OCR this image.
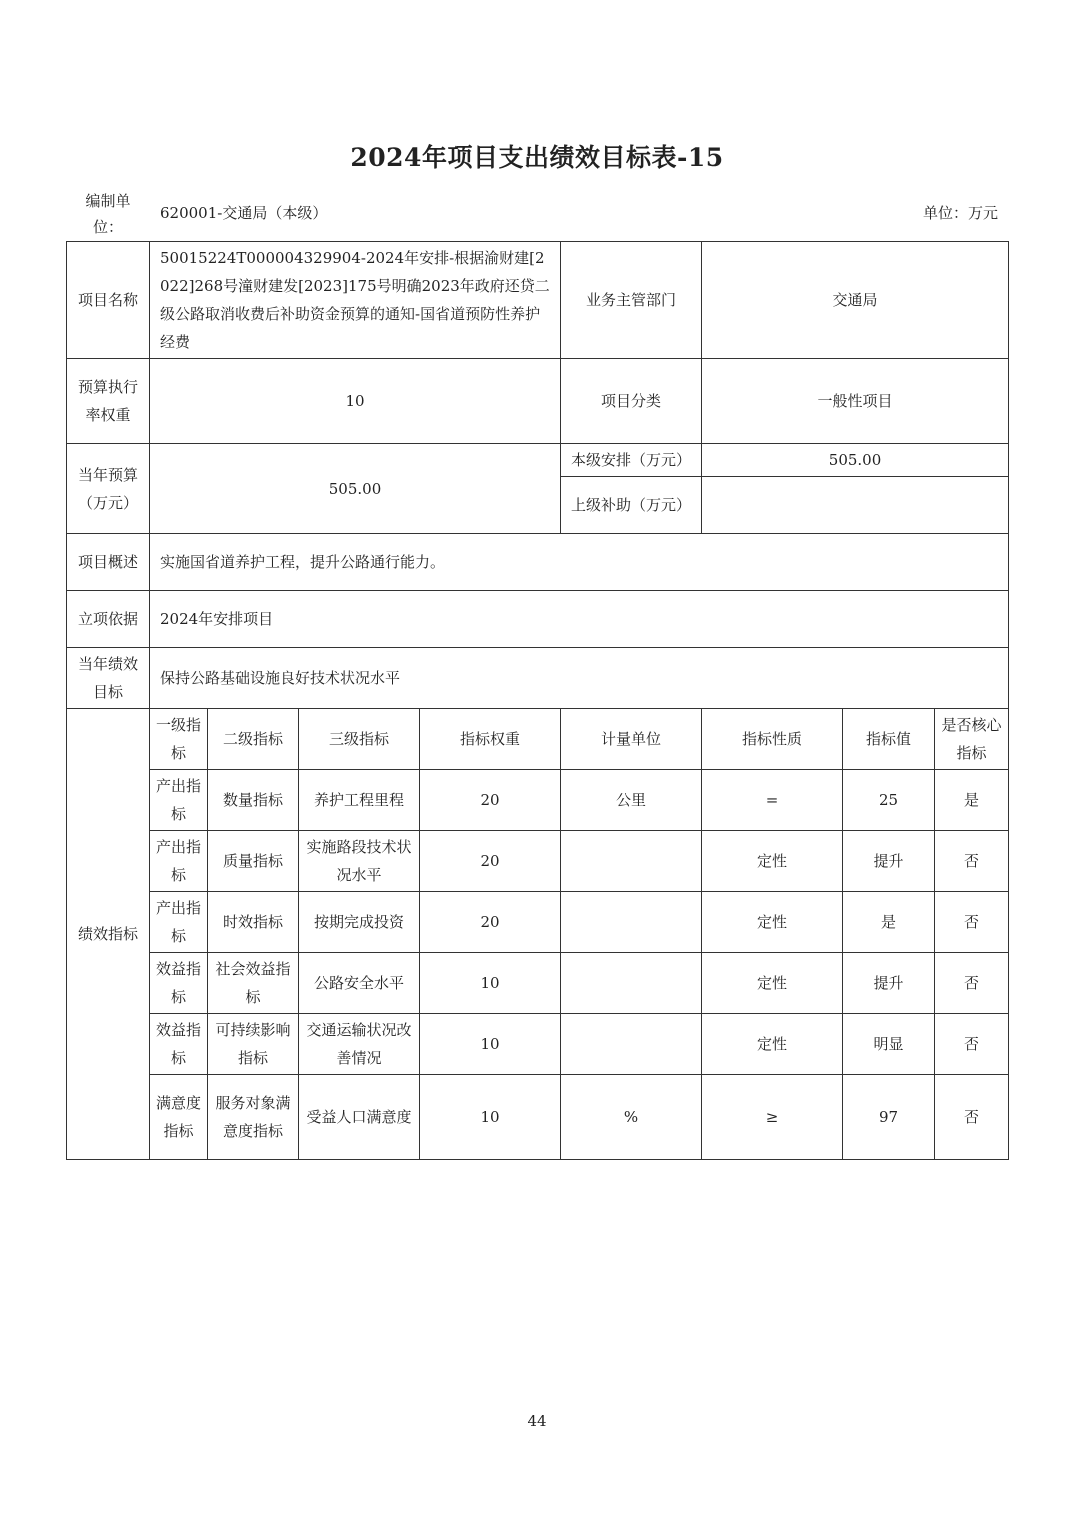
2024年项目支出绩效目标表-15
编制单位：
620001-交通局（本级）	单位：万元
项目名称	50015224T000004329904-2024年安排-根据渝财建[2022]268号潼财建发[2023]175号明确2023年政府还贷二级公路取消收费后补助资金预算的通知-国省道预防性养护经费				业务主管部门	交通局		
预算执行率权重	10				项目分类	一般性项目		
当年预算（万元）	505.00				本级安排（万元）	505.00		
					上级补助（万元）			
项目概述	实施国省道养护工程，提升公路通行能力。							
立项依据	2024年安排项目							
当年绩效目标	保持公路基础设施良好技术状况水平							
绩效指标	一级指标	二级指标	三级指标	指标权重	计量单位	指标性质	指标值	是否核心指标
	产出指标	数量指标	养护工程里程	20	公里	=	25	是
	产出指标	质量指标	实施路段技术状况水平	20		定性	提升	否
	产出指标	时效指标	按期完成投资	20		定性	是	否
	效益指标	社会效益指标	公路安全水平	10		定性	提升	否
	效益指标	可持续影响指标	交通运输状况改善情况	10		定性	明显	否
	满意度指标	服务对象满意度指标	受益人口满意度	10	%	≥	97	否
44
